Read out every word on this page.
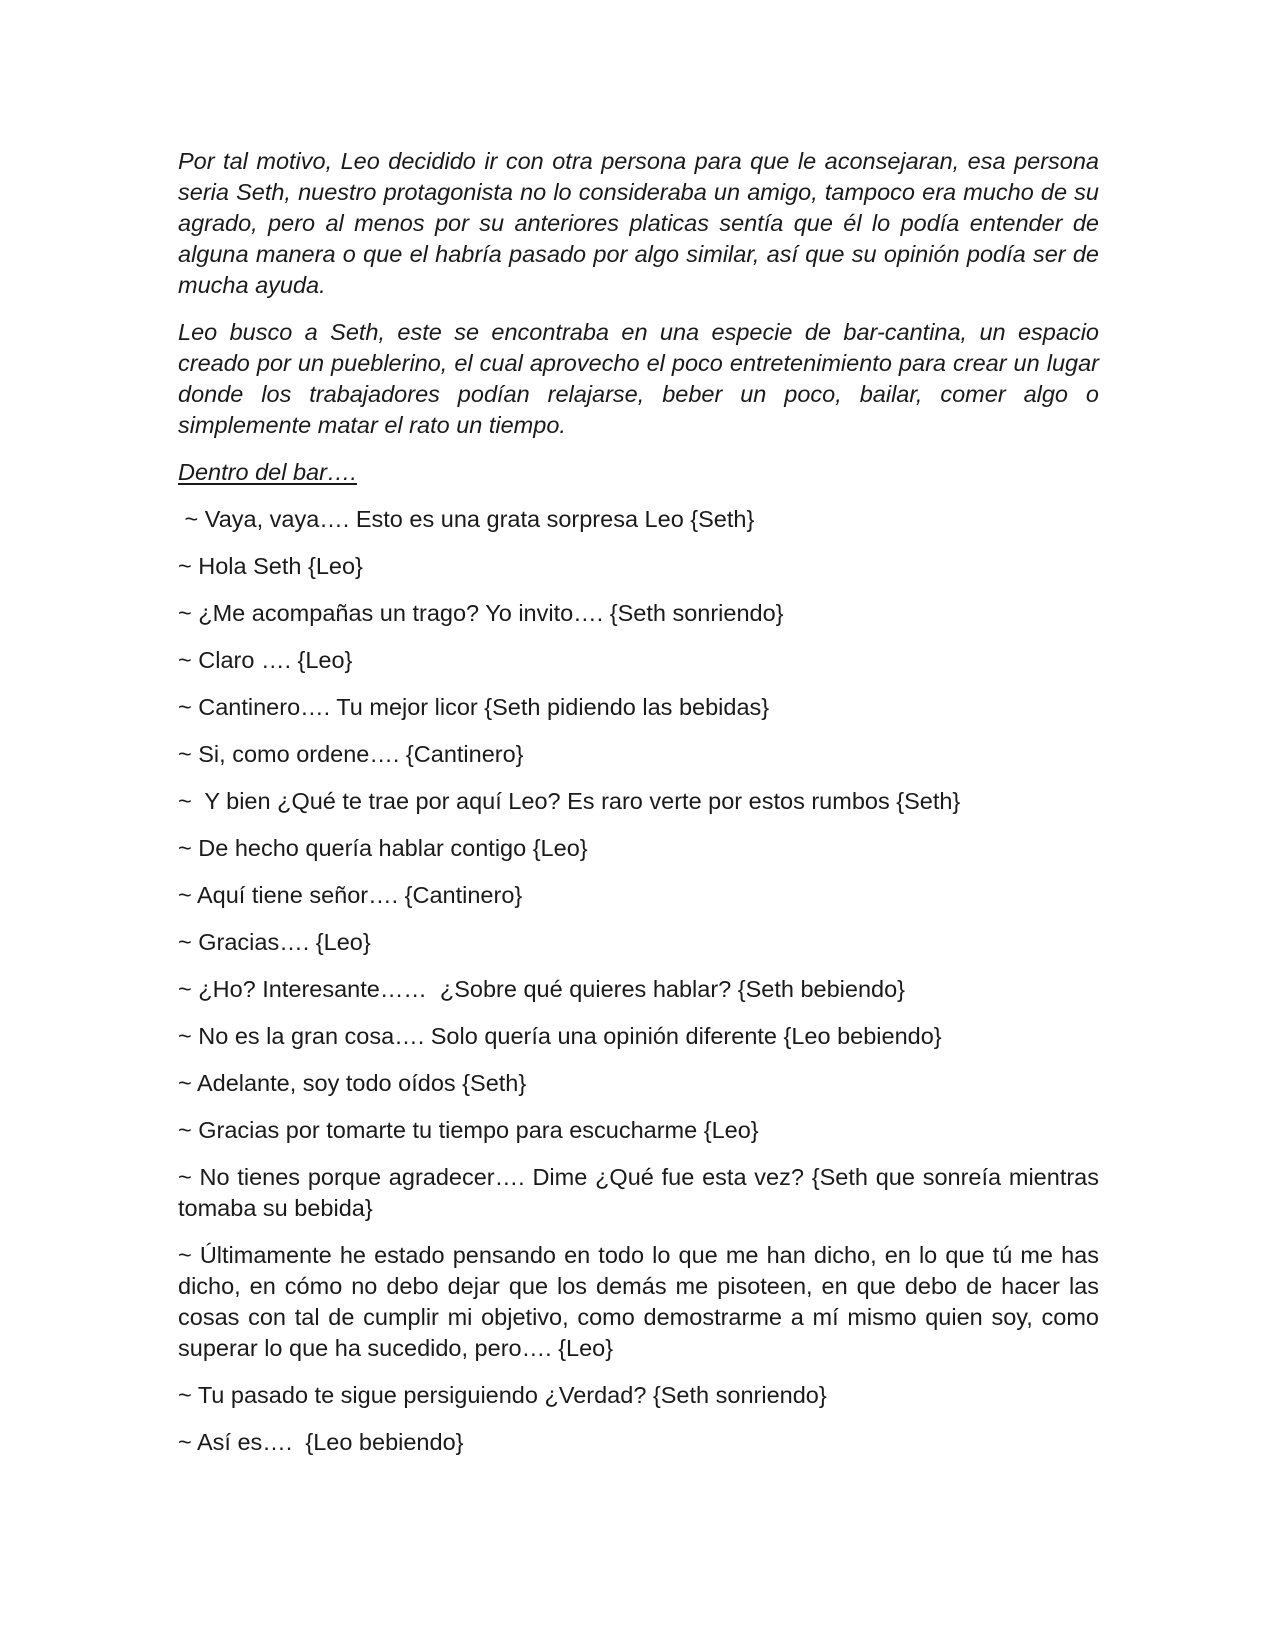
Por tal motivo, Leo decidido ir con otra persona para que le aconsejaran, esa persona seria Seth, nuestro protagonista no lo consideraba un amigo, tampoco era mucho de su agrado, pero al menos por su anteriores platicas sentía que él lo podía entender de alguna manera o que el habría pasado por algo similar, así que su opinión podía ser de mucha ayuda.

Leo busco a Seth, este se encontraba en una especie de bar-cantina, un espacio creado por un pueblerino, el cual aprovecho el poco entretenimiento para crear un lugar donde los trabajadores podían relajarse, beber un poco, bailar, comer algo o simplemente matar el rato un tiempo.

Dentro del bar….

~ Vaya, vaya…. Esto es una grata sorpresa Leo {Seth}

~ Hola Seth {Leo}

~ ¿Me acompañas un trago? Yo invito…. {Seth sonriendo}

~ Claro …. {Leo}

~ Cantinero…. Tu mejor licor {Seth pidiendo las bebidas}

~ Si, como ordene…. {Cantinero}

~  Y bien ¿Qué te trae por aquí Leo? Es raro verte por estos rumbos {Seth}

~ De hecho quería hablar contigo {Leo}

~ Aquí tiene señor…. {Cantinero}

~ Gracias…. {Leo}

~ ¿Ho? Interesante……  ¿Sobre qué quieres hablar? {Seth bebiendo}

~ No es la gran cosa…. Solo quería una opinión diferente {Leo bebiendo}

~ Adelante, soy todo oídos {Seth}

~ Gracias por tomarte tu tiempo para escucharme {Leo}

~ No tienes porque agradecer…. Dime ¿Qué fue esta vez? {Seth que sonreía mientras tomaba su bebida}

~ Últimamente he estado pensando en todo lo que me han dicho, en lo que tú me has dicho, en cómo no debo dejar que los demás me pisoteen, en que debo de hacer las cosas con tal de cumplir mi objetivo, como demostrarme a mí mismo quien soy, como superar lo que ha sucedido, pero…. {Leo}

~ Tu pasado te sigue persiguiendo ¿Verdad? {Seth sonriendo}

~ Así es….  {Leo bebiendo}
